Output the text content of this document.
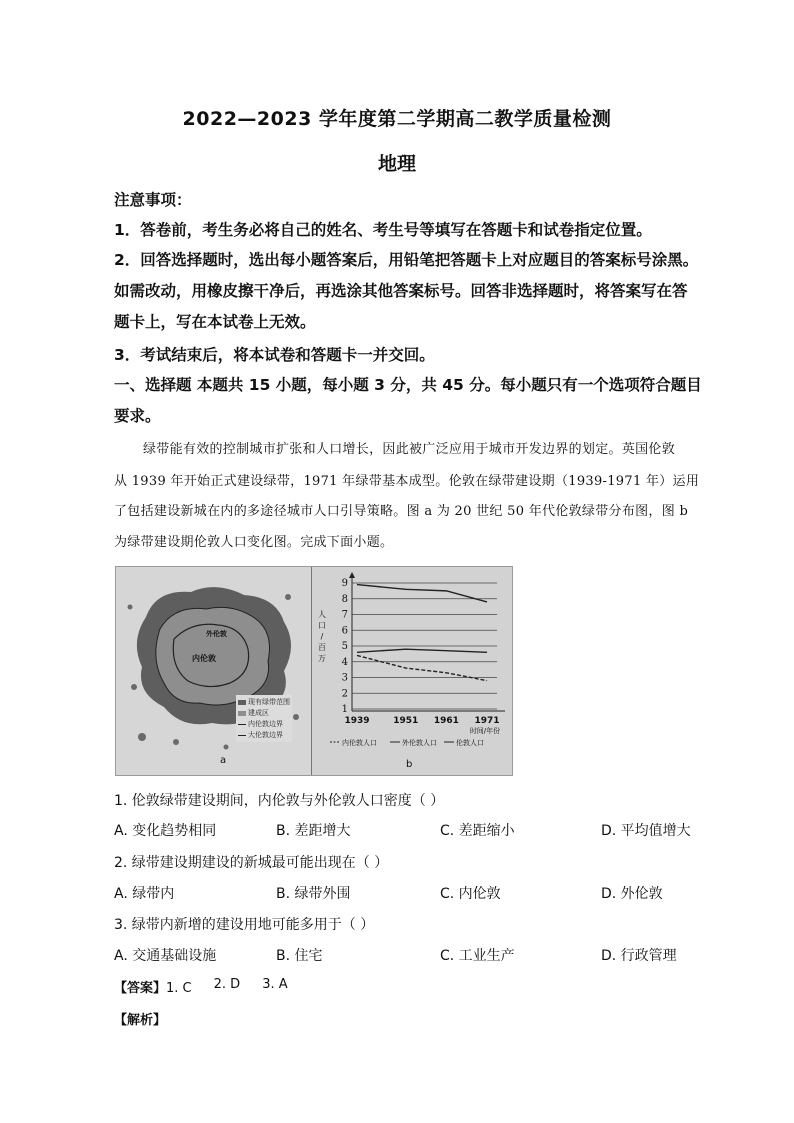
2022—2023 学年度第二学期高二教学质量检测
地理
注意事项：
1．答卷前，考生务必将自己的姓名、考生号等填写在答题卡和试卷指定位置。
2．回答选择题时，选出每小题答案后，用铅笔把答题卡上对应题目的答案标号涂黑。
如需改动，用橡皮擦干净后，再选涂其他答案标号。回答非选择题时，将答案写在答
题卡上，写在本试卷上无效。
3．考试结束后，将本试卷和答题卡一并交回。
一、选择题 本题共 15 小题，每小题 3 分，共 45 分。每小题只有一个选项符合题目
要求。
绿带能有效的控制城市扩张和人口增长，因此被广泛应用于城市开发边界的划定。英国伦敦
从 1939 年开始正式建设绿带，1971 年绿带基本成型。伦敦在绿带建设期（1939-1971 年）运用
了包括建设新城在内的多途径城市人口引导策略。图 a 为 20 世纪 50 年代伦敦绿带分布图，图 b
为绿带建设期伦敦人口变化图。完成下面小题。
外伦敦
内伦敦
现有绿带范围
建成区
内伦敦边界
大伦敦边界
a
1
2
3
4
5
6
7
8
9
人
口
/
百
万
1939	1951 1961 1971
时间/年份
内伦敦人口	外伦敦人口	伦敦人口
b
1. 伦敦绿带建设期间，内伦敦与外伦敦人口密度（ ）
A. 变化趋势相同	B. 差距增大	C. 差距缩小	D. 平均值增大
2. 绿带建设期建设的新城最可能出现在（ ）
A. 绿带内	B. 绿带外围	C. 内伦敦	D. 外伦敦
3. 绿带内新增的建设用地可能多用于（ ）
A. 交通基础设施	B. 住宅	C. 工业生产	D. 行政管理
【答案】1. C 2. D 3. A
【解析】
